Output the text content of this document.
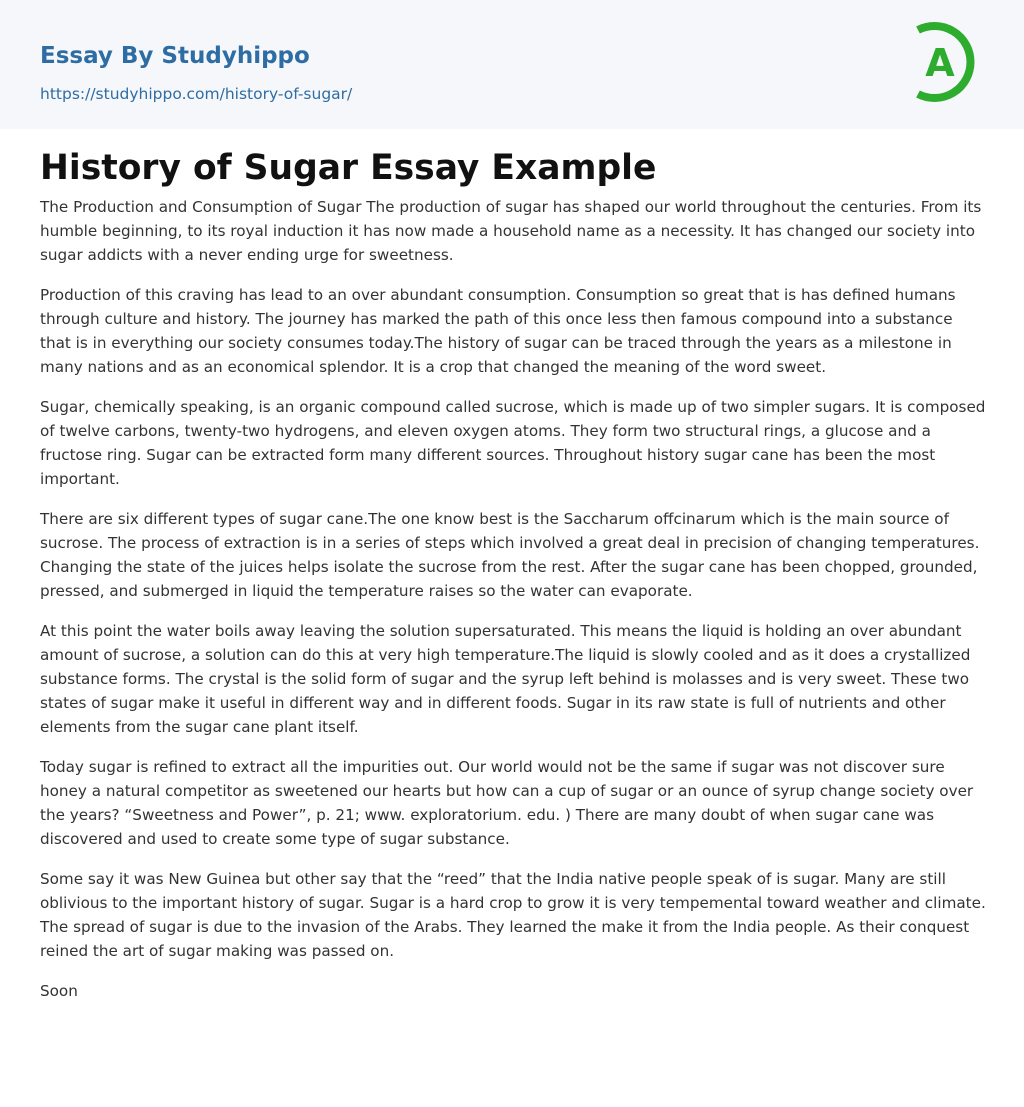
Essay By Studyhippo
https://studyhippo.com/history-of-sugar/
A
History of Sugar Essay Example

The Production and Consumption of Sugar The production of sugar has shaped our world throughout the centuries. From its humble beginning, to its royal induction it has now made a household name as a necessity. It has changed our society into sugar addicts with a never ending urge for sweetness.

Production of this craving has lead to an over abundant consumption. Consumption so great that is has defined humans through culture and history. The journey has marked the path of this once less then famous compound into a substance that is in everything our society consumes today.The history of sugar can be traced through the years as a milestone in many nations and as an economical splendor. It is a crop that changed the meaning of the word sweet.

Sugar, chemically speaking, is an organic compound called sucrose, which is made up of two simpler sugars. It is composed of twelve carbons, twenty-two hydrogens, and eleven oxygen atoms. They form two structural rings, a glucose and a fructose ring. Sugar can be extracted form many different sources. Throughout history sugar cane has been the most important.

There are six different types of sugar cane.The one know best is the Saccharum offcinarum which is the main source of sucrose. The process of extraction is in a series of steps which involved a great deal in precision of changing temperatures. Changing the state of the juices helps isolate the sucrose from the rest. After the sugar cane has been chopped, grounded, pressed, and submerged in liquid the temperature raises so the water can evaporate.

At this point the water boils away leaving the solution supersaturated. This means the liquid is holding an over abundant amount of sucrose, a solution can do this at very high temperature.The liquid is slowly cooled and as it does a crystallized substance forms. The crystal is the solid form of sugar and the syrup left behind is molasses and is very sweet. These two states of sugar make it useful in different way and in different foods. Sugar in its raw state is full of nutrients and other elements from the sugar cane plant itself.

Today sugar is refined to extract all the impurities out. Our world would not be the same if sugar was not discover sure honey a natural competitor as sweetened our hearts but how can a cup of sugar or an ounce of syrup change society over the years? “Sweetness and Power”, p. 21; www. exploratorium. edu. ) There are many doubt of when sugar cane was discovered and used to create some type of sugar substance.

Some say it was New Guinea but other say that the “reed” that the India native people speak of is sugar. Many are still oblivious to the important history of sugar. Sugar is a hard crop to grow it is very tempemental toward weather and climate. The spread of sugar is due to the invasion of the Arabs. They learned the make it from the India people. As their conquest reined the art of sugar making was passed on.

Soon
